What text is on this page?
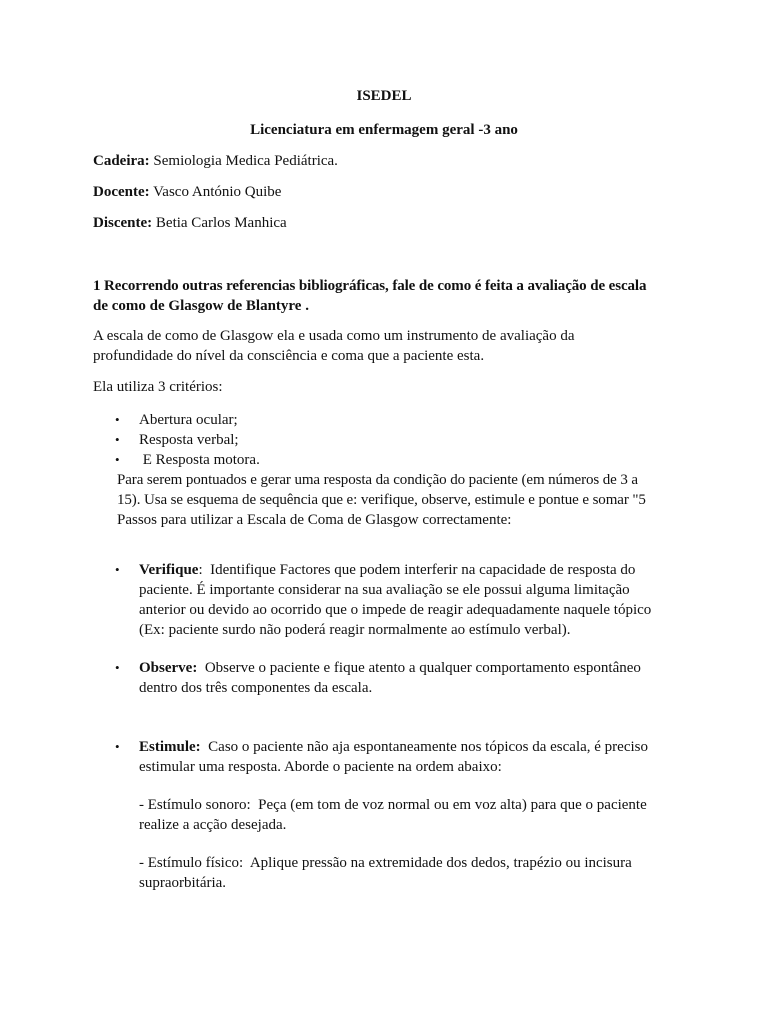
ISEDEL
Licenciatura em enfermagem geral -3 ano
Cadeira: Semiologia Medica Pediátrica.
Docente: Vasco António Quibe
Discente: Betia Carlos Manhica
1 Recorrendo outras referencias bibliográficas, fale de como é feita a avaliação de escala
de como de Glasgow de Blantyre .
A escala de como de Glasgow ela e usada como um instrumento de avaliação da
profundidade do nível da consciência e coma que a paciente esta.
Ela utiliza 3 critérios:
• Abertura ocular;
• Resposta verbal;
• E Resposta motora.
Para serem pontuados e gerar uma resposta da condição do paciente (em números de 3 a
15). Usa se esquema de sequência que e: verifique, observe, estimule e pontue e somar "5
Passos para utilizar a Escala de Coma de Glasgow correctamente:
• Verifique:  Identifique Factores que podem interferir na capacidade de resposta do
paciente. É importante considerar na sua avaliação se ele possui alguma limitação
anterior ou devido ao ocorrido que o impede de reagir adequadamente naquele tópico
(Ex: paciente surdo não poderá reagir normalmente ao estímulo verbal).
• Observe:  Observe o paciente e fique atento a qualquer comportamento espontâneo
dentro dos três componentes da escala.
• Estimule:  Caso o paciente não aja espontaneamente nos tópicos da escala, é preciso
estimular uma resposta. Aborde o paciente na ordem abaixo:
- Estímulo sonoro:  Peça (em tom de voz normal ou em voz alta) para que o paciente
realize a acção desejada.
- Estímulo físico:  Aplique pressão na extremidade dos dedos, trapézio ou incisura
supraorbitária.
